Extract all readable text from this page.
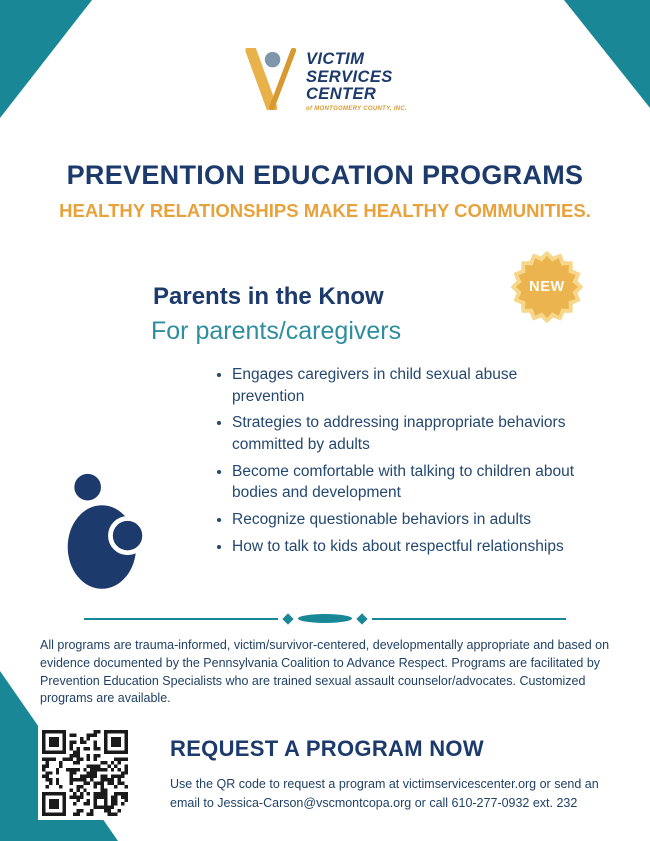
VICTIM
SERVICES
CENTER
of MONTGOMERY COUNTY, INC.
PREVENTION EDUCATION PROGRAMS
HEALTHY RELATIONSHIPS MAKE HEALTHY COMMUNITIES.
NEW
Parents in the Know
For parents/caregivers
• Engages caregivers in child sexual abuse prevention
• Strategies to addressing inappropriate behaviors committed by adults
• Become comfortable with talking to children about bodies and development
• Recognize questionable behaviors in adults
• How to talk to kids about respectful relationships

All programs are trauma-informed, victim/survivor-centered, developmentally appropriate and based on evidence documented by the Pennsylvania Coalition to Advance Respect. Programs are facilitated by Prevention Education Specialists who are trained sexual assault counselor/advocates. Customized programs are available.

REQUEST A PROGRAM NOW

Use the QR code to request a program at victimservicescenter.org or send an email to Jessica-Carson@vscmontcopa.org or call 610-277-0932 ext. 232
